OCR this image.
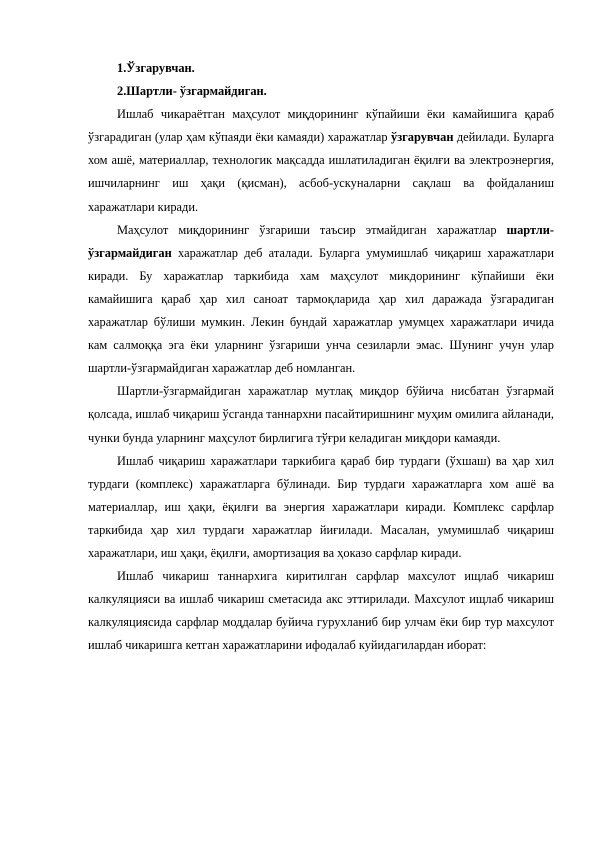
1.Ўзгарувчан.
2.Шартли- ўзгармайдиган.

Ишлаб чикараётган маҳсулот миқдорининг кўпайиши ёки камайишига қараб ўзгарадиган (улар ҳам кўпаяди ёки камаяди) харажатлар ўзгарувчан дейилади. Буларга хом ашё, материаллар, технологик мақсадда ишлатиладиган ёқилғи ва электроэнергия, ишчиларнинг иш ҳақи (қисман), асбоб-ускуналарни сақлаш ва фойдаланиш харажатлари киради.

Маҳсулот миқдорининг ўзгариши таъсир этмайдиган харажатлар шартли- ўзгармайдиган харажатлар деб аталади. Буларга умумишлаб чиқариш харажатлари киради. Бу харажатлар таркибида хам маҳсулот микдорининг кўпайиши ёки камайишига қараб ҳар хил саноат тармоқларида ҳар хил даражада ўзгарадиган харажатлар бўлиши мумкин. Лекин бундай харажатлар умумцех харажатлари ичида кам салмоққа эга ёки уларнинг ўзгариши унча сезиларли эмас. Шунинг учун улар шартли-ўзгармайдиган харажатлар деб номланган.

Шартли-ўзгармайдиган харажатлар мутлақ миқдор бўйича нисбатан ўзгармай қолсада, ишлаб чиқариш ўсганда таннархни пасайтиришнинг муҳим омилига айланади, чунки бунда уларнинг маҳсулот бирлигига тўғри келадиган миқдори камаяди.

Ишлаб чиқариш харажатлари таркибига қараб бир турдаги (ўхшаш) ва ҳар хил турдаги (комплекс) харажатларга бўлинади. Бир турдаги харажатларга хом ашё ва материаллар, иш ҳақи, ёқилғи ва энергия харажатлари киради. Комплекс сарфлар таркибида ҳар хил турдаги харажатлар йиғилади. Масалан, умумишлаб чиқариш харажатлари, иш ҳақи, ёқилғи, амортизация ва ҳоказо сарфлар киради.

Ишлаб чикариш таннархига киритилган сарфлар махсулот ищлаб чикариш калкуляцияси ва ишлаб чикариш сметасида акс эттирилади. Махсулот ищлаб чикариш калкуляциясида сарфлар моддалар буйича гурухланиб бир улчам ёки бир тур махсулот ишлаб чикаришга кетган харажатларини ифодалаб куйидагилардан иборат:
